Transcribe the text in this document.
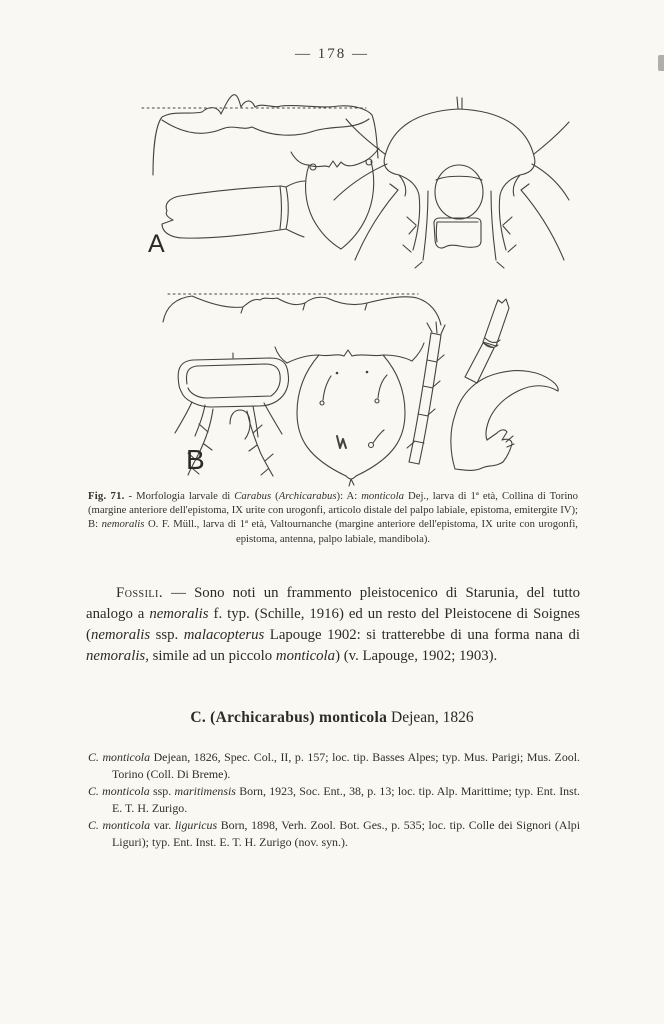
— 178 —
A
B

Fig. 71. - Morfologia larvale di Carabus (Archicarabus): A: monticola Dej., larva di 1ª età, Collina di Torino (margine anteriore dell'epistoma, IX urite con urogonfi, articolo distale del palpo labiale, epistoma, emitergite IV); B: nemoralis O. F. Müll., larva di 1ª età, Valtournanche (margine anteriore dell'epistoma, IX urite con urogonfi, epistoma, antenna, palpo labiale, mandibola).

Fossili. — Sono noti un frammento pleistocenico di Starunia, del tutto analogo a nemoralis f. typ. (Schille, 1916) ed un resto del Pleistocene di Soignes (nemoralis ssp. malacopterus Lapouge 1902: si tratterebbe di una forma nana di nemoralis, simile ad un piccolo monticola) (v. Lapouge, 1902; 1903).

C. (Archicarabus) monticola Dejean, 1826

C. monticola Dejean, 1826, Spec. Col., II, p. 157; loc. tip. Basses Alpes; typ. Mus. Parigi; Mus. Zool. Torino (Coll. Di Breme).

C. monticola ssp. maritimensis Born, 1923, Soc. Ent., 38, p. 13; loc. tip. Alp. Marittime; typ. Ent. Inst. E. T. H. Zurigo.

C. monticola var. liguricus Born, 1898, Verh. Zool. Bot. Ges., p. 535; loc. tip. Colle dei Signori (Alpi Liguri); typ. Ent. Inst. E. T. H. Zurigo (nov. syn.).
